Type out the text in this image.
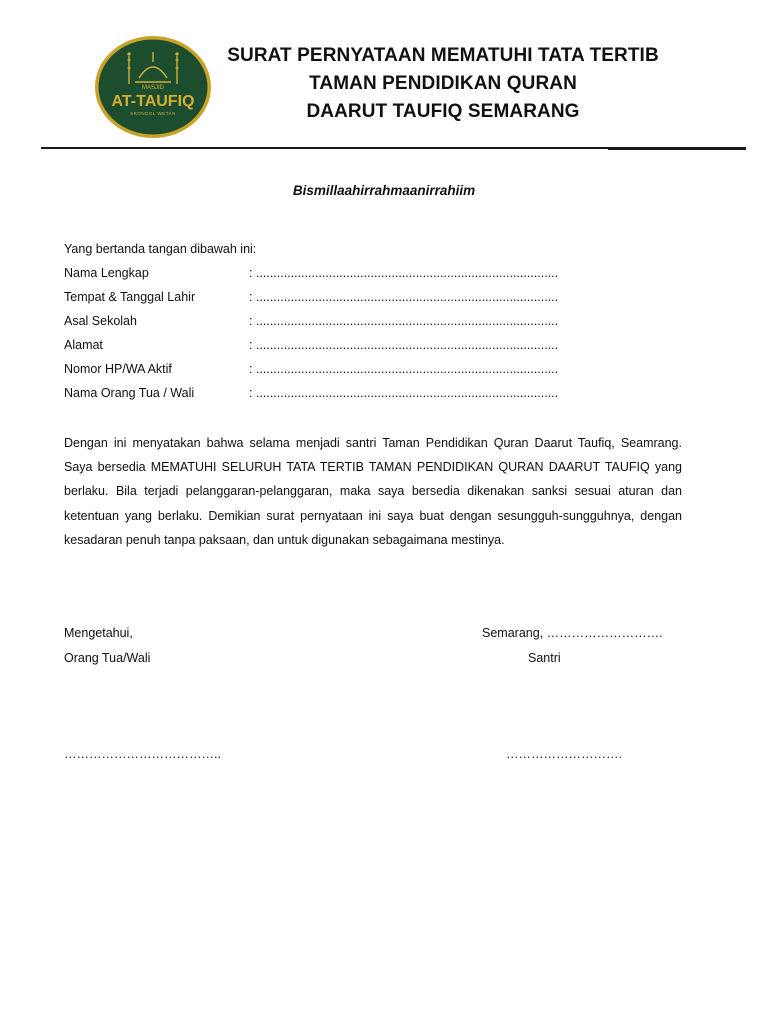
MASJID
AT-TAUFIQ
SRONDOL WETAN
SURAT PERNYATAAN MEMATUHI TATA TERTIB
TAMAN PENDIDIKAN QURAN
DAARUT TAUFIQ SEMARANG
Bismillaahirrahmaanirrahiim
Yang bertanda tangan dibawah ini:
Nama Lengkap	: .......................................................................................
Tempat & Tanggal Lahir	: .......................................................................................
Asal Sekolah	: .......................................................................................
Alamat	: .......................................................................................
Nomor HP/WA Aktif	: .......................................................................................
Nama Orang Tua / Wali	: .......................................................................................
Dengan ini menyatakan bahwa selama menjadi santri Taman Pendidikan Quran Daarut Taufiq, Seamrang. Saya bersedia MEMATUHI SELURUH TATA TERTIB TAMAN PENDIDIKAN QURAN DAARUT TAUFIQ yang berlaku. Bila terjadi pelanggaran-pelanggaran, maka saya bersedia dikenakan sanksi sesuai aturan dan ketentuan yang berlaku. Demikian surat pernyataan ini saya buat dengan sesungguh-sungguhnya, dengan kesadaran penuh tanpa paksaan, dan untuk digunakan sebagaimana mestinya.
Mengetahui,	Semarang, ……………………….
Orang Tua/Wali	Santri
………………………………..	……………………….
